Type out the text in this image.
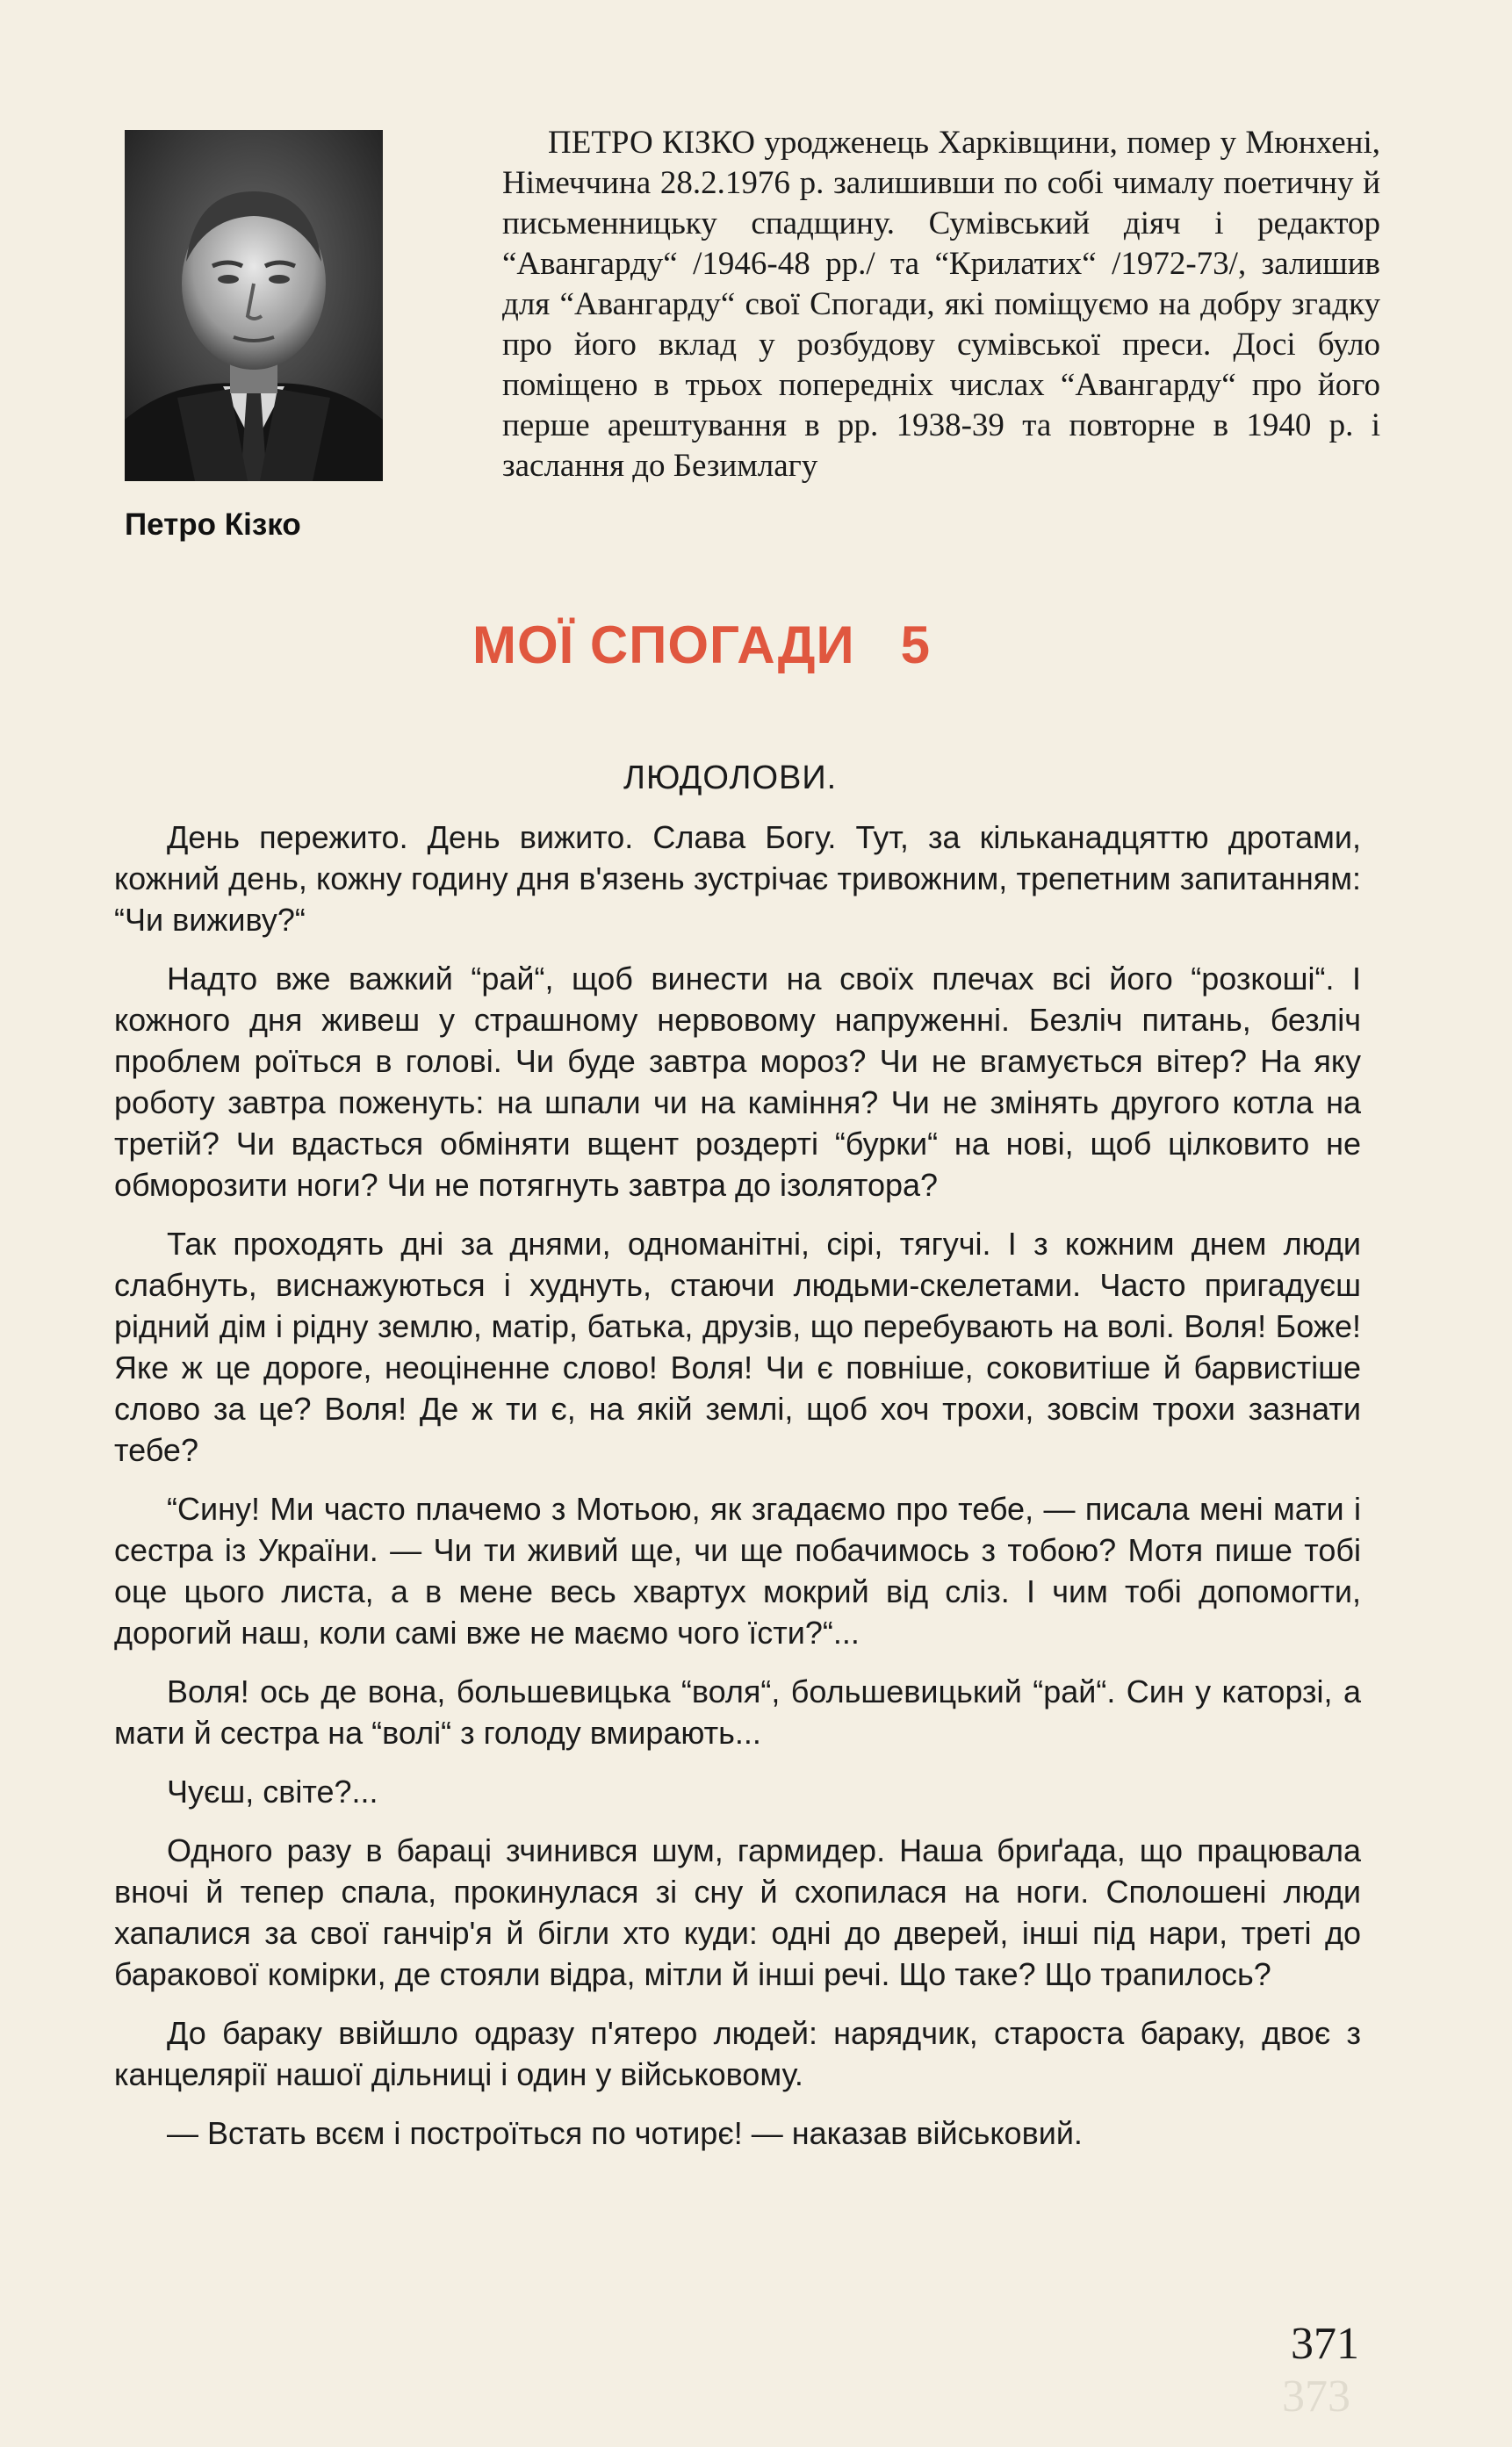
Петро Кізко

ПЕТРО КІЗКО уродженець Харківщини, помер у Мюнхені, Німеччина 28.2.1976 р. залишивши по собі чималу поетичну й письменницьку спадщину. Сумівський діяч і редактор “Авангарду“ /1946-48 рр./ та “Крилатих“ /1972-73/, залишив для “Авангарду“ свої Спогади, які поміщуємо на добру згадку про його вклад у розбудову сумівської преси. Досі було поміщено в трьох попередніх числах “Авангарду“ про його перше арештування в рр. 1938-39 та повторне в 1940 р. і заслання до Безимлагу

МОЇ СПОГАДИ 5
ЛЮДОЛОВИ.

День пережито. День вижито. Слава Богу. Тут, за кільканадцяттю дротами, кожний день, кожну годину дня в'язень зустрічає тривожним, трепетним запитанням: “Чи виживу?“

Надто вже важкий “рай“, щоб винести на своїх плечах всі його “розкоші“. І кожного дня живеш у страшному нервовому напруженні. Безліч питань, безліч проблем роїться в голові. Чи буде завтра мороз? Чи не вгамується вітер? На яку роботу завтра поженуть: на шпали чи на каміння? Чи не змінять другого котла на третій? Чи вдасться обміняти вщент роздерті “бурки“ на нові, щоб цілковито не обморозити ноги? Чи не потягнуть завтра до ізолятора?

Так проходять дні за днями, одноманітні, сірі, тягучі. І з кожним днем люди слабнуть, виснажуються і худнуть, стаючи людьми-скелетами. Часто пригадуєш рідний дім і рідну землю, матір, батька, друзів, що перебувають на волі. Воля! Боже! Яке ж це дороге, неоціненне слово! Воля! Чи є повніше, соковитіше й барвистіше слово за це? Воля! Де ж ти є, на якій землі, щоб хоч трохи, зовсім трохи зазнати тебе?

“Сину! Ми часто плачемо з Мотьою, як згадаємо про тебе, — писала мені мати і сестра із України. — Чи ти живий ще, чи ще побачимось з тобою? Мотя пише тобі оце цього листа, а в мене весь хвартух мокрий від сліз. І чим тобі допомогти, дорогий наш, коли самі вже не маємо чого їсти?“...

Воля! ось де вона, большевицька “воля“, большевицький “рай“. Син у каторзі, а мати й сестра на “волі“ з голоду вмирають...

Чуєш, світе?...

Одного разу в бараці зчинився шум, гармидер. Наша бриґада, що працювала вночі й тепер спала, прокинулася зі сну й схопилася на ноги. Сполошені люди хапалися за свої ганчір'я й бігли хто куди: одні до дверей, інші під нари, треті до баракової комірки, де стояли відра, мітли й інші речі. Що таке? Що трапилось?

До бараку ввійшло одразу п'ятеро людей: нарядчик, староста бараку, двоє з канцелярії нашої дільниці і один у військовому.

— Встать всєм і построїться по чотирє! — наказав військовий.

371
373
